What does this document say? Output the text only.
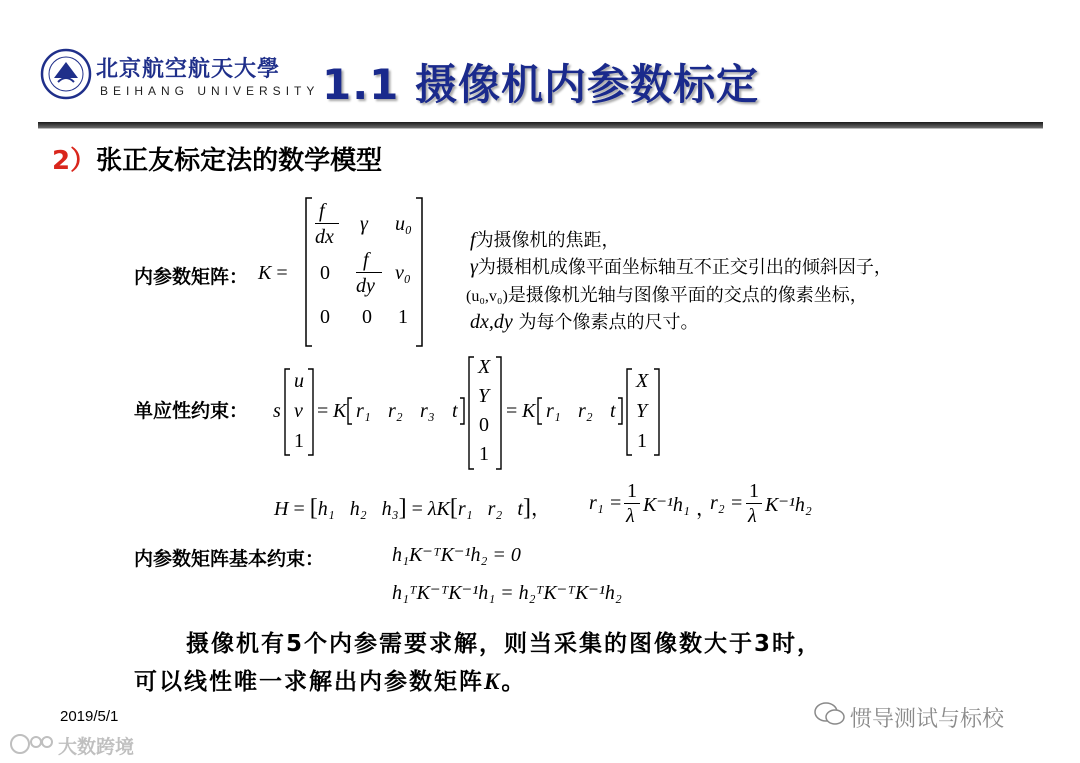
北京航空航天大學
BEIHANG UNIVERSITY 1.1 摄像机内参数标定
2）张正友标定法的数学模型
内参数矩阵： K =
f
dx
γ u₀
0
f
dy
v₀
0 0 1
f为摄像机的焦距，
γ为摄相机成像平面坐标轴互不正交引出的倾斜因子，
(u₀,v₀)是摄像机光轴与图像平面的交点的像素坐标，
dx,dy 为每个像素点的尺寸。
单应性约束： s
u
v
1
= K r₁ r₂ r₃ t
X
Y
0
1
= K r₁ r₂ t
X
Y
1
H = [h₁ h₂ h₃] = λK[r₁ r₂ t]， r₁ =
1
λ K⁻¹h₁ ，
r₂ =
1
λ K⁻¹h₂
内参数矩阵基本约束：	h₁K⁻ᵀK⁻¹h₂ = 0
h₁ᵀK⁻ᵀK⁻¹h₁ = h₂ᵀK⁻ᵀK⁻¹h₂
摄像机有5个内参需要求解，则当采集的图像数大于3时，
可以线性唯一求解出内参数矩阵K。
2019/5/1	惯导测试与标校
大数跨境
